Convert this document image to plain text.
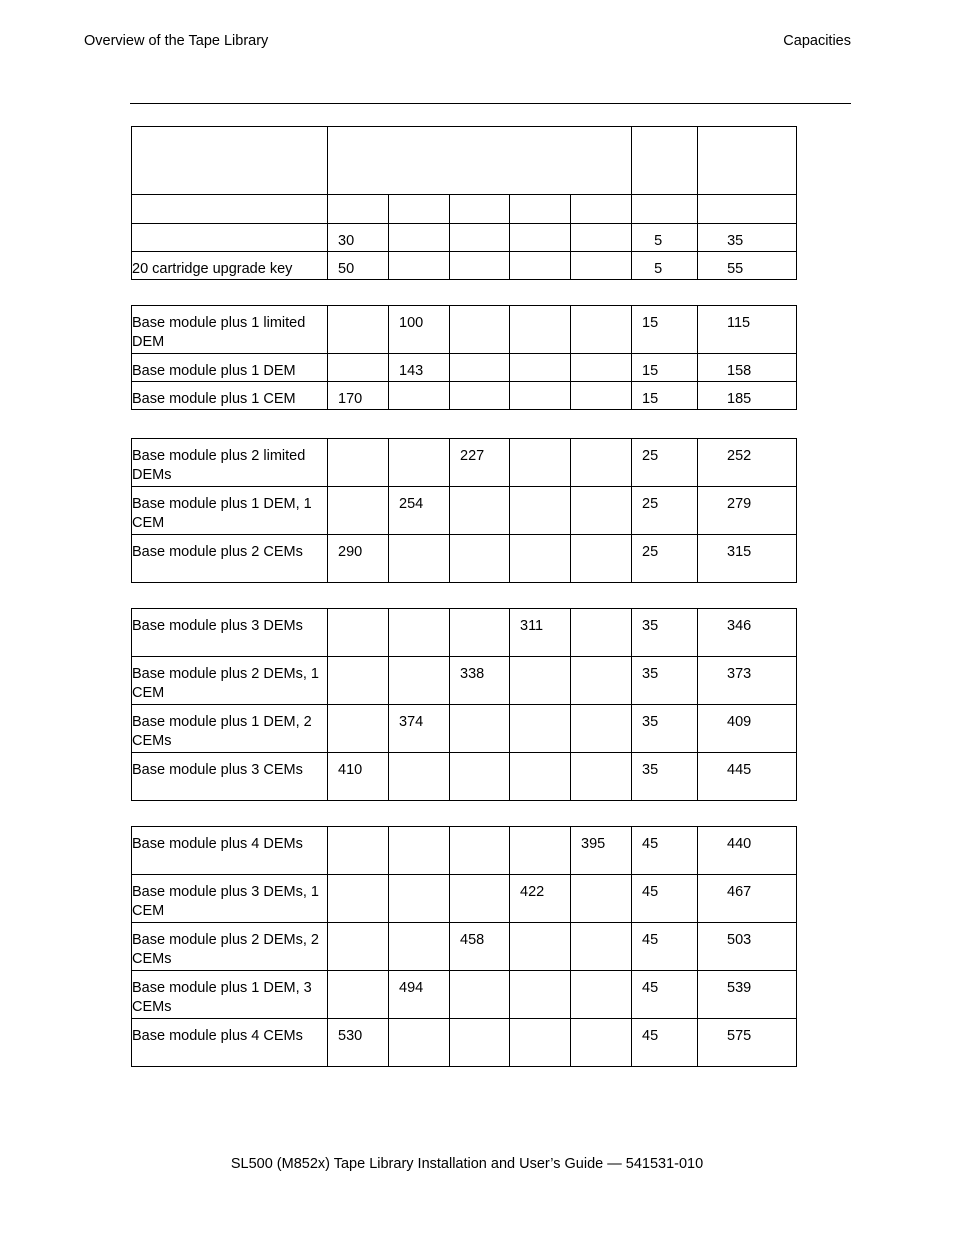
Overview of the Tape Library	Capacities

	30					5	35
20 cartridge upgrade key	50					5	55
Base module plus 1 limited DEM		100				15	115
Base module plus 1 DEM		143				15	158
Base module plus 1 CEM	170					15	185
Base module plus 2 limited DEMs			227			25	252
Base module plus 1 DEM, 1 CEM		254				25	279
Base module plus 2 CEMs	290					25	315
Base module plus 3 DEMs				311		35	346
Base module plus 2 DEMs, 1 CEM			338			35	373
Base module plus 1 DEM, 2 CEMs		374				35	409
Base module plus 3 CEMs	410					35	445
Base module plus 4 DEMs					395	45	440
Base module plus 3 DEMs, 1 CEM				422		45	467
Base module plus 2 DEMs, 2 CEMs			458			45	503
Base module plus 1 DEM, 3 CEMs		494				45	539
Base module plus 4 CEMs	530					45	575
SL500 (M852x) Tape Library Installation and User’s Guide — 541531-010
